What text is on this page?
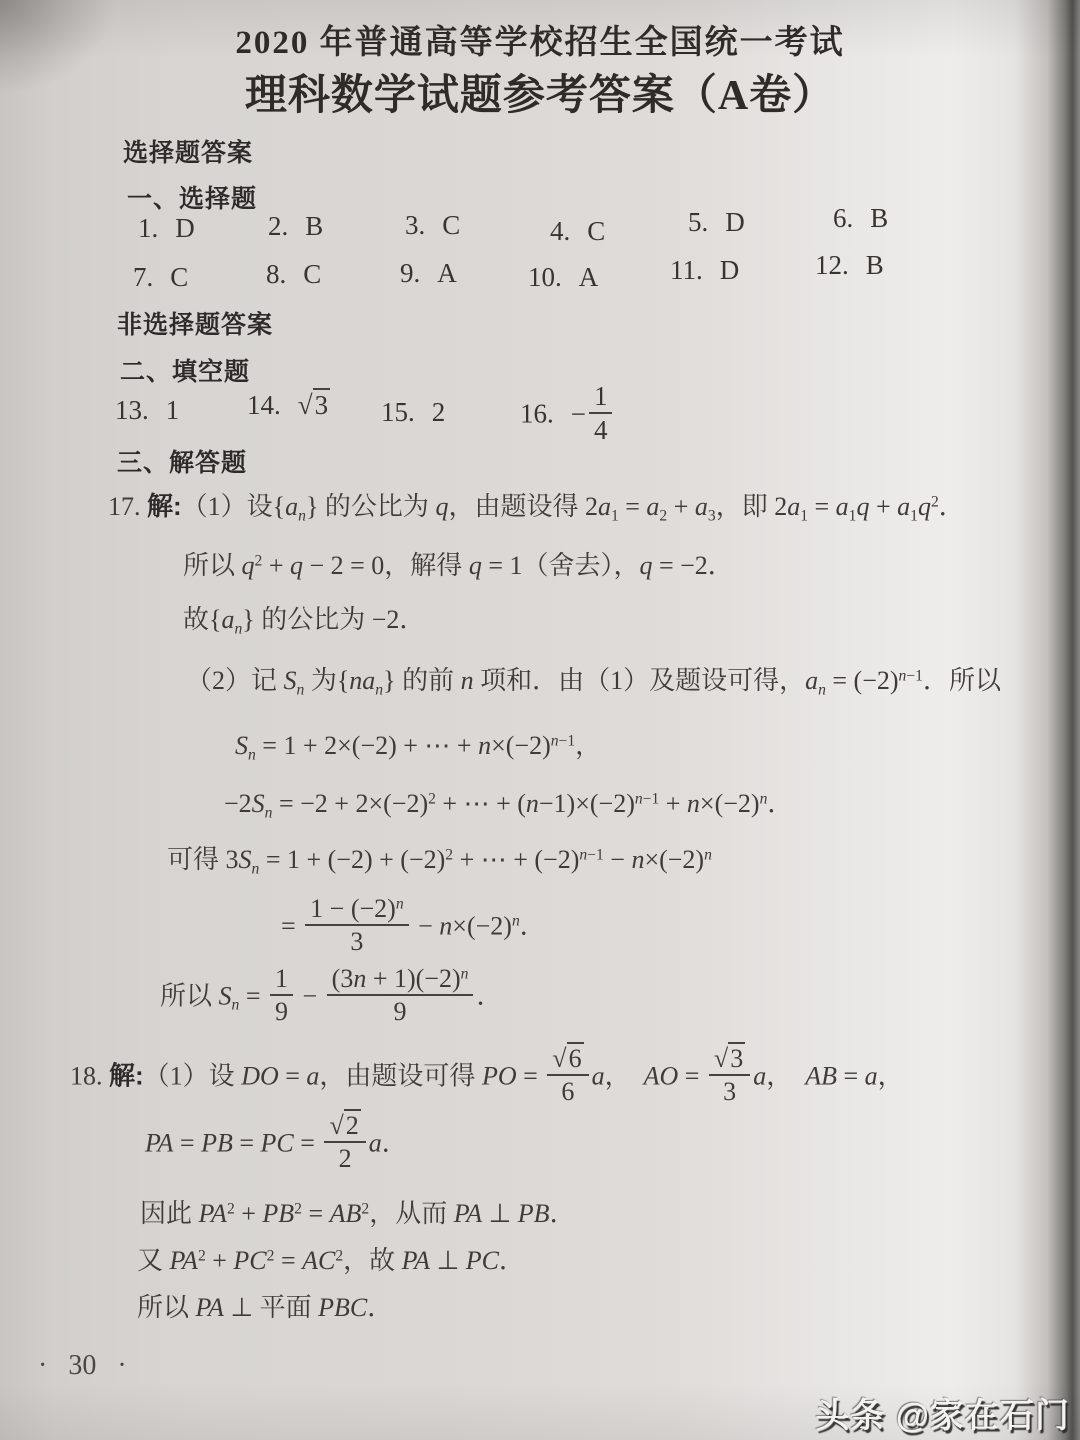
2020 年普通高等学校招生全国统一考试
理科数学试题参考答案（A卷）
选择题答案
一、选择题
1. D	2. B	3. C	4. C	5. D	6. B
7. C	8. C	9. A	10. A	11. D	12. B
非选择题答案
二、填空题
13. 1	14. √3 15. 2	16. − $\frac{1}{4}$
三、解答题
17. 解:（1）设$\{a_n\}$ 的公比为 q，由题设得 $2a_1 = a_2 + a_3$，即 $2a_1 = a_1q + a_1q^2$．
所以 $q^2 + q - 2 = 0$，解得 q = 1（舍去），q = −2．
故$\{a_n\}$ 的公比为 −2．
（2）记 $S_n$ 为$\{na_n\}$ 的前 n 项和．由（1）及题设可得，$a_n = (-2)^{n-1}$．所以
$S_n = 1 + 2\times(-2)$ + ⋯ + $n\times(-2)^{n-1}$，
$-2S_n = -2 + 2\times(-2)^2$ + ⋯ + $(n-1)\times(-2)^{n-1} + n\times(-2)^n$．
可得 $3S_n = 1 + (-2) + (-2)^2$ + ⋯ + $(-2)^{n-1} - n\times(-2)^n$
= $\frac{1 - (-2)^n}{3} - n\times(-2)^n$．
所以 $S_n = \frac{1}{9} - \frac{(3n + 1)(-2)^n}{9}$ ．
18. 解:（1）设 DO = a，由题设可得 PO = $\frac{√6}{6}$ a，  AO = $\frac{√3}{3}$ a，  AB = a，
PA = PB = PC = $\frac{√2}{2}$ a．
因此 $PA^2 + PB^2 = AB^2$，从而 PA ⊥ PB．
又 $PA^2 + PC^2 = AC^2$，故 PA ⊥ PC．
所以 PA ⊥ 平面 PBC．
· 30 ·
头条 @家在石门
